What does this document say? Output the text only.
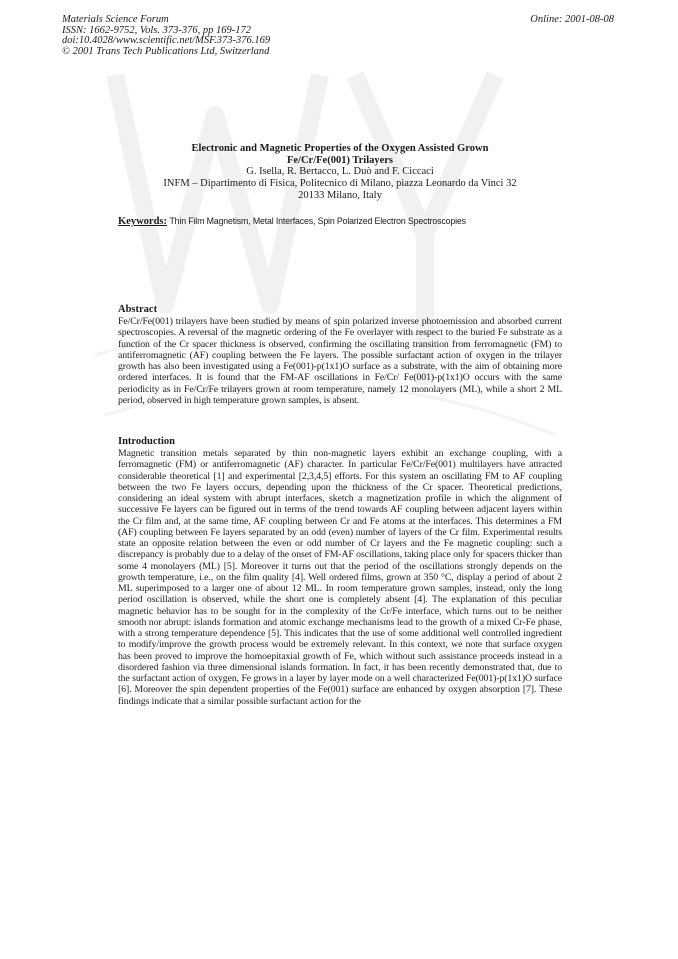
Materials Science Forum
ISSN: 1662-9752, Vols. 373-376, pp 169-172
doi:10.4028/www.scientific.net/MSF.373-376.169
© 2001 Trans Tech Publications Ltd, Switzerland
Online: 2001-08-08
Electronic and Magnetic Properties of the Oxygen Assisted Grown
Fe/Cr/Fe(001) Trilayers
G. Isella, R. Bertacco, L. Duò and F. Ciccaci
INFM – Dipartimento di Fisica, Politecnico di Milano, piazza Leonardo da Vinci 32
20133 Milano, Italy
Keywords: Thin Film Magnetism, Metal Interfaces, Spin Polarized Electron Spectroscopies
Abstract
Fe/Cr/Fe(001) trilayers have been studied by means of spin polarized inverse photoemission and absorbed current spectroscopies. A reversal of the magnetic ordering of the Fe overlayer with respect to the buried Fe substrate as a function of the Cr spacer thickness is observed, confirming the oscillating transition from ferromagnetic (FM) to antiferromagnetic (AF) coupling between the Fe layers. The possible surfactant action of oxygen in the trilayer growth has also been investigated using a Fe(001)-p(1x1)O surface as a substrate, with the aim of obtaining more ordered interfaces. It is found that the FM-AF oscillations in Fe/Cr/ Fe(001)-p(1x1)O occurs with the same periodicity as in Fe/Cr/Fe trilayers grown at room temperature, namely 12 monolayers (ML), while a short 2 ML period, observed in high temperature grown samples, is absent.
Introduction
Magnetic transition metals separated by thin non-magnetic layers exhibit an exchange coupling, with a ferromagnetic (FM) or antiferromagnetic (AF) character. In particular Fe/Cr/Fe(001) multilayers have attracted considerable theoretical [1] and experimental [2,3,4,5] efforts. For this system an oscillating FM to AF coupling between the two Fe layers occurs, depending upon the thickness of the Cr spacer. Theoretical predictions, considering an ideal system with abrupt interfaces, sketch a magnetization profile in which the alignment of successive Fe layers can be figured out in terms of the trend towards AF coupling between adjacent layers within the Cr film and, at the same time, AF coupling between Cr and Fe atoms at the interfaces. This determines a FM (AF) coupling between Fe layers separated by an odd (even) number of layers of the Cr film. Experimental results state an opposite relation between the even or odd number of Cr layers and the Fe magnetic coupling: such a discrepancy is probably due to a delay of the onset of FM-AF oscillations, taking place only for spacers thicker than some 4 monolayers (ML) [5]. Moreover it turns out that the period of the oscillations strongly depends on the growth temperature, i.e., on the film quality [4]. Well ordered films, grown at 350 °C, display a period of about 2 ML superimposed to a larger one of about 12 ML. In room temperature grown samples, instead, only the long period oscillation is observed, while the short one is completely absent [4]. The explanation of this peculiar magnetic behavior has to be sought for in the complexity of the Cr/Fe interface, which turns out to be neither smooth nor abrupt: islands formation and atomic exchange mechanisms lead to the growth of a mixed Cr-Fe phase, with a strong temperature dependence [5]. This indicates that the use of some additional well controlled ingredient to modify/improve the growth process would be extremely relevant. In this context, we note that surface oxygen has been proved to improve the homoepitaxial growth of Fe, which without such assistance proceeds instead in a disordered fashion via three dimensional islands formation. In fact, it has been recently demonstrated that, due to the surfactant action of oxygen, Fe grows in a layer by layer mode on a well characterized Fe(001)-p(1x1)O surface [6]. Moreover the spin dependent properties of the Fe(001) surface are enhanced by oxygen absorption [7]. These findings indicate that a similar possible surfactant action for the
